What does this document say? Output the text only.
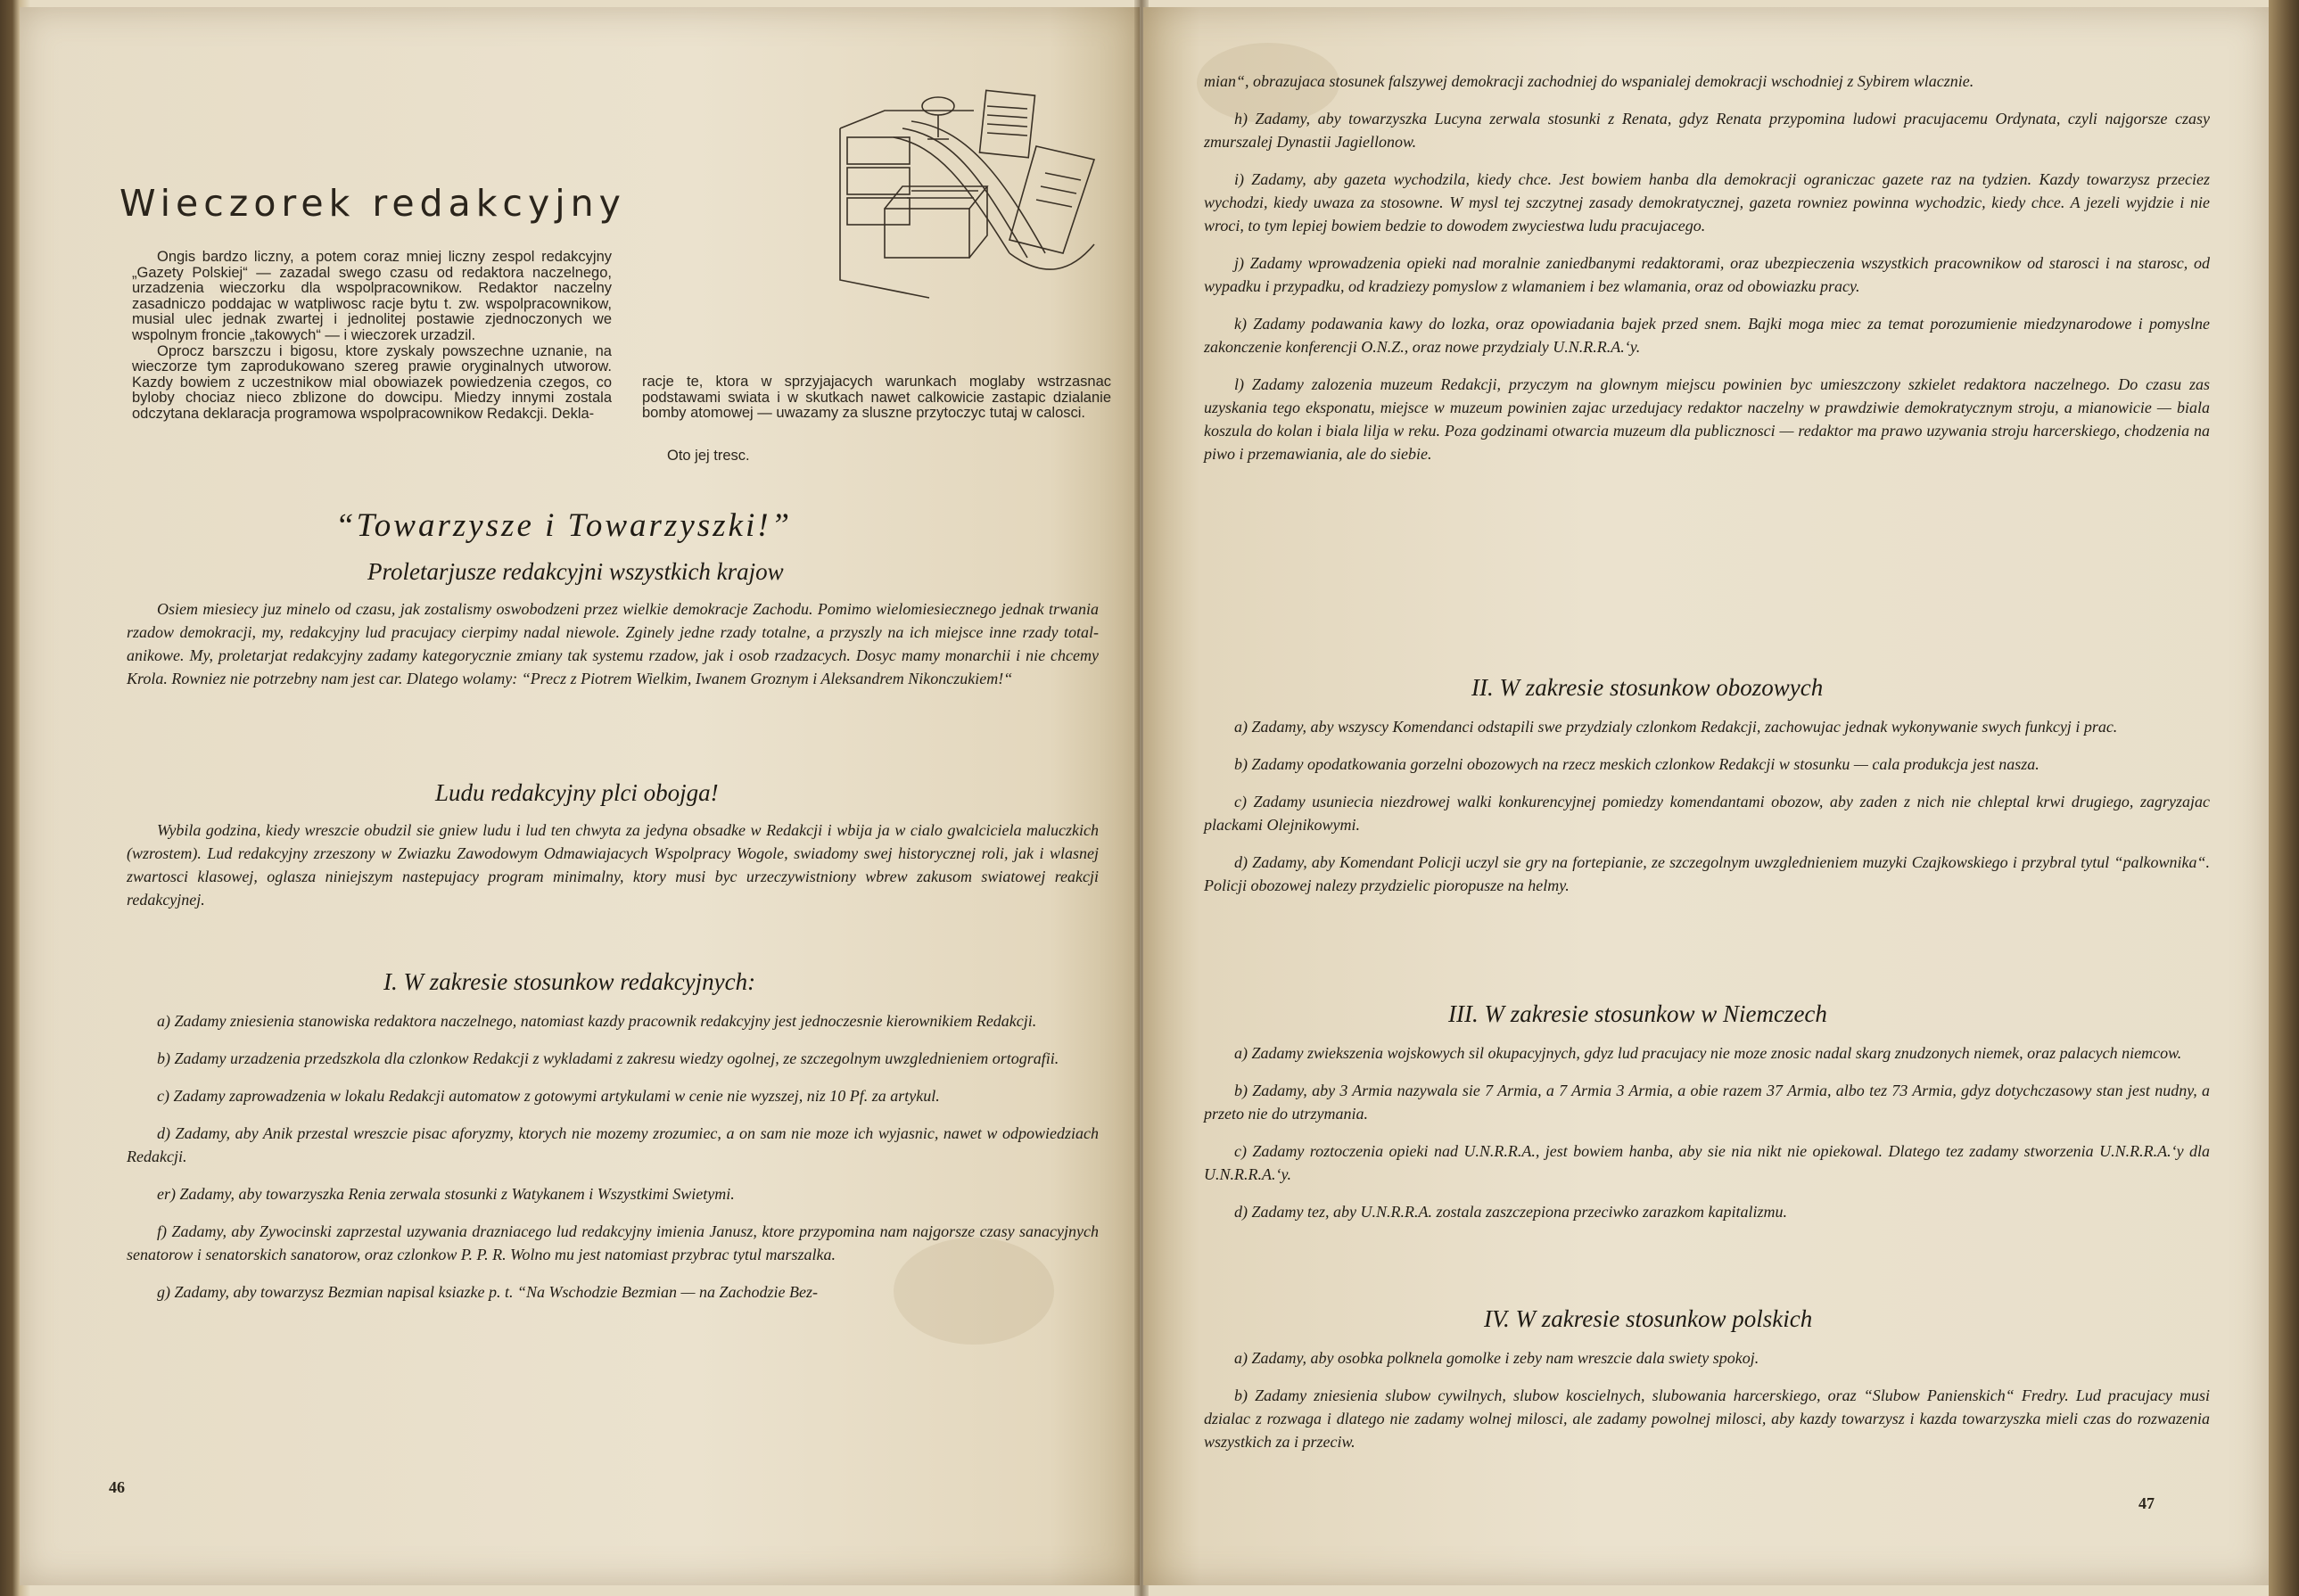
Wieczorek redakcyjny

Ongis bardzo liczny, a potem coraz mniej liczny zespol redakcyjny „Gazety Polskiej“ — zazadal swego czasu od redaktora naczelnego, urzadzenia wieczorku dla wspolpracownikow. Redaktor naczelny zasadniczo poddajac w watpliwosc racje bytu t. zw. wspolpracownikow, musial ulec jednak zwartej i jednolitej postawie zjednoczonych we wspolnym froncie „takowych“ — i wieczorek urzadzil.

Oprocz barszczu i bigosu, ktore zyskaly powszechne uznanie, na wieczorze tym zaprodukowano szereg prawie oryginalnych utworow. Kazdy bowiem z uczestnikow mial obowiazek powiedzenia czegos, co byloby chociaz nieco zblizone do dowcipu. Miedzy innymi zostala odczytana deklaracja programowa wspolpracownikow Redakcji. Dekla-

racje te, ktora w sprzyjajacych warunkach moglaby wstrzasnac podstawami swiata i w skutkach nawet calkowicie zastapic dzialanie bomby atomowej — uwazamy za sluszne przytoczyc tutaj w calosci.

Oto jej tresc.
“Towarzysze i Towarzyszki!”
Proletarjusze redakcyjni wszystkich krajow

Osiem miesiecy juz minelo od czasu, jak zostalismy oswobodzeni przez wielkie demokracje Zachodu. Pomimo wielomiesiecznego jednak trwania rzadow demokracji, my, redakcyjny lud pracujacy cierpimy nadal niewole. Zginely jedne rzady totalne, a przyszly na ich miejsce inne rzady total-anikowe. My, proletarjat redakcyjny zadamy kategorycznie zmiany tak systemu rzadow, jak i osob rzadzacych. Dosyc mamy monarchii i nie chcemy Krola. Rowniez nie potrzebny nam jest car. Dlatego wolamy: “Precz z Piotrem Wielkim, Iwanem Groznym i Aleksandrem Nikonczukiem!“

Ludu redakcyjny plci obojga!

Wybila godzina, kiedy wreszcie obudzil sie gniew ludu i lud ten chwyta za jedyna obsadke w Redakcji i wbija ja w cialo gwalciciela maluczkich (wzrostem). Lud redakcyjny zrzeszony w Zwiazku Zawodowym Odmawiajacych Wspolpracy Wogole, swiadomy swej historycznej roli, jak i wlasnej zwartosci klasowej, oglasza niniejszym nastepujacy program minimalny, ktory musi byc urzeczywistniony wbrew zakusom swiatowej reakcji redakcyjnej.

I. W zakresie stosunkow redakcyjnych:

a) Zadamy zniesienia stanowiska redaktora naczelnego, natomiast kazdy pracownik redakcyjny jest jednoczesnie kierownikiem Redakcji.

b) Zadamy urzadzenia przedszkola dla czlonkow Redakcji z wykladami z zakresu wiedzy ogolnej, ze szczegolnym uwzglednieniem ortografii.

c) Zadamy zaprowadzenia w lokalu Redakcji automatow z gotowymi artykulami w cenie nie wyzszej, niz 10 Pf. za artykul.

d) Zadamy, aby Anik przestal wreszcie pisac aforyzmy, ktorych nie mozemy zrozumiec, a on sam nie moze ich wyjasnic, nawet w odpowiedziach Redakcji.

er) Zadamy, aby towarzyszka Renia zerwala stosunki z Watykanem i Wszystkimi Swietymi.

f) Zadamy, aby Zywocinski zaprzestal uzywania drazniacego lud redakcyjny imienia Janusz, ktore przypomina nam najgorsze czasy sanacyjnych senatorow i senatorskich sanatorow, oraz czlonkow P. P. R. Wolno mu jest natomiast przybrac tytul marszalka.

g) Zadamy, aby towarzysz Bezmian napisal ksiazke p. t. “Na Wschodzie Bezmian — na Zachodzie Bez-

46

mian“, obrazujaca stosunek falszywej demokracji zachodniej do wspanialej demokracji wschodniej z Sybirem wlacznie.

h) Zadamy, aby towarzyszka Lucyna zerwala stosunki z Renata, gdyz Renata przypomina ludowi pracujacemu Ordynata, czyli najgorsze czasy zmurszalej Dynastii Jagiellonow.

i) Zadamy, aby gazeta wychodzila, kiedy chce. Jest bowiem hanba dla demokracji ograniczac gazete raz na tydzien. Kazdy towarzysz przeciez wychodzi, kiedy uwaza za stosowne. W mysl tej szczytnej zasady demokratycznej, gazeta rowniez powinna wychodzic, kiedy chce. A jezeli wyjdzie i nie wroci, to tym lepiej bowiem bedzie to dowodem zwyciestwa ludu pracujacego.

j) Zadamy wprowadzenia opieki nad moralnie zaniedbanymi redaktorami, oraz ubezpieczenia wszystkich pracownikow od starosci i na starosc, od wypadku i przypadku, od kradziezy pomyslow z wlamaniem i bez wlamania, oraz od obowiazku pracy.

k) Zadamy podawania kawy do lozka, oraz opowiadania bajek przed snem. Bajki moga miec za temat porozumienie miedzynarodowe i pomyslne zakonczenie konferencji O.N.Z., oraz nowe przydzialy U.N.R.R.A.‘y.

l) Zadamy zalozenia muzeum Redakcji, przyczym na glownym miejscu powinien byc umieszczony szkielet redaktora naczelnego. Do czasu zas uzyskania tego eksponatu, miejsce w muzeum powinien zajac urzedujacy redaktor naczelny w prawdziwie demokratycznym stroju, a mianowicie — biala koszula do kolan i biala lilja w reku. Poza godzinami otwarcia muzeum dla publicznosci — redaktor ma prawo uzywania stroju harcerskiego, chodzenia na piwo i przemawiania, ale do siebie.

II. W zakresie stosunkow obozowych

a) Zadamy, aby wszyscy Komendanci odstapili swe przydzialy czlonkom Redakcji, zachowujac jednak wykonywanie swych funkcyj i prac.

b) Zadamy opodatkowania gorzelni obozowych na rzecz meskich czlonkow Redakcji w stosunku — cala produkcja jest nasza.

c) Zadamy usuniecia niezdrowej walki konkurencyjnej pomiedzy komendantami obozow, aby zaden z nich nie chleptal krwi drugiego, zagryzajac plackami Olejnikowymi.

d) Zadamy, aby Komendant Policji uczyl sie gry na fortepianie, ze szczegolnym uwzglednieniem muzyki Czajkowskiego i przybral tytul “palkownika“. Policji obozowej nalezy przydzielic pioropusze na helmy.

III. W zakresie stosunkow w Niemczech

a) Zadamy zwiekszenia wojskowych sil okupacyjnych, gdyz lud pracujacy nie moze znosic nadal skarg znudzonych niemek, oraz palacych niemcow.

b) Zadamy, aby 3 Armia nazywala sie 7 Armia, a 7 Armia 3 Armia, a obie razem 37 Armia, albo tez 73 Armia, gdyz dotychczasowy stan jest nudny, a przeto nie do utrzymania.

c) Zadamy roztoczenia opieki nad U.N.R.R.A., jest bowiem hanba, aby sie nia nikt nie opiekowal. Dlatego tez zadamy stworzenia U.N.R.R.A.‘y dla U.N.R.R.A.‘y.

d) Zadamy tez, aby U.N.R.R.A. zostala zaszczepiona przeciwko zarazkom kapitalizmu.

IV. W zakresie stosunkow polskich

a) Zadamy, aby osobka polknela gomolke i zeby nam wreszcie dala swiety spokoj.

b) Zadamy zniesienia slubow cywilnych, slubow koscielnych, slubowania harcerskiego, oraz “Slubow Panienskich“ Fredry. Lud pracujacy musi dzialac z rozwaga i dlatego nie zadamy wolnej milosci, ale zadamy powolnej milosci, aby kazdy towarzysz i kazda towarzyszka mieli czas do rozwazenia wszystkich za i przeciw.

47
